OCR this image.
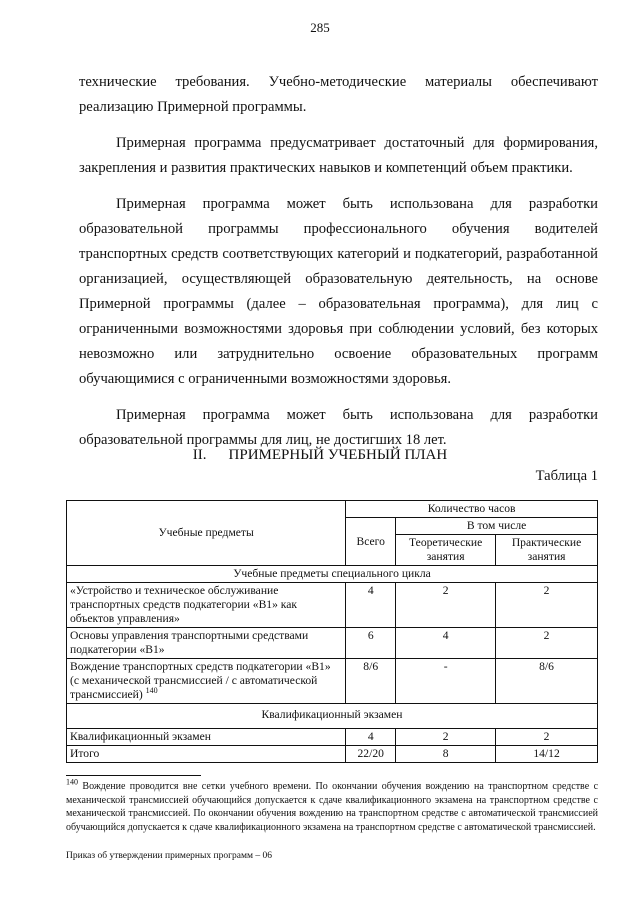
285

технические требования. Учебно-методические материалы обеспечивают реализацию Примерной программы.

Примерная программа предусматривает достаточный для формирования, закрепления и развития практических навыков и компетенций объем практики.

Примерная программа может быть использована для разработки образовательной программы профессионального обучения водителей транспортных средств соответствующих категорий и подкатегорий, разработанной организацией, осуществляющей образовательную деятельность, на основе Примерной программы (далее – образовательная программа), для лиц с ограниченными возможностями здоровья при соблюдении условий, без которых невозможно или затруднительно освоение образовательных программ обучающимися с ограниченными возможностями здоровья.

Примерная программа может быть использована для разработки образовательной программы для лиц, не достигших 18 лет.

II. ПРИМЕРНЫЙ УЧЕБНЫЙ ПЛАН
Таблица 1
Учебные предметы	Количество часов		
	Всего	В том числе	
		Теоретические занятия	Практические занятия
Учебные предметы специального цикла			
«Устройство и техническое обслуживание транспортных средств подкатегории «B1» как объектов управления»	4	2	2
Основы управления транспортными средствами подкатегории «B1»	6	4	2
Вождение транспортных средств подкатегории «B1» (с механической трансмиссией / с автоматической трансмиссией) $^{140}$	8/6	-	8/6
Квалификационный экзамен			
Квалификационный экзамен	4	2	2
Итого	22/20	8	14/12

$^{140}$ Вождение проводится вне сетки учебного времени. По окончании обучения вождению на транспортном средстве с механической трансмиссией обучающийся допускается к сдаче квалификационного экзамена на транспортном средстве с механической трансмиссией. По окончании обучения вождению на транспортном средстве с автоматической трансмиссией обучающийся допускается к сдаче квалификационного экзамена на транспортном средстве с автоматической трансмиссией.

Приказ об утверждении примерных программ – 06
